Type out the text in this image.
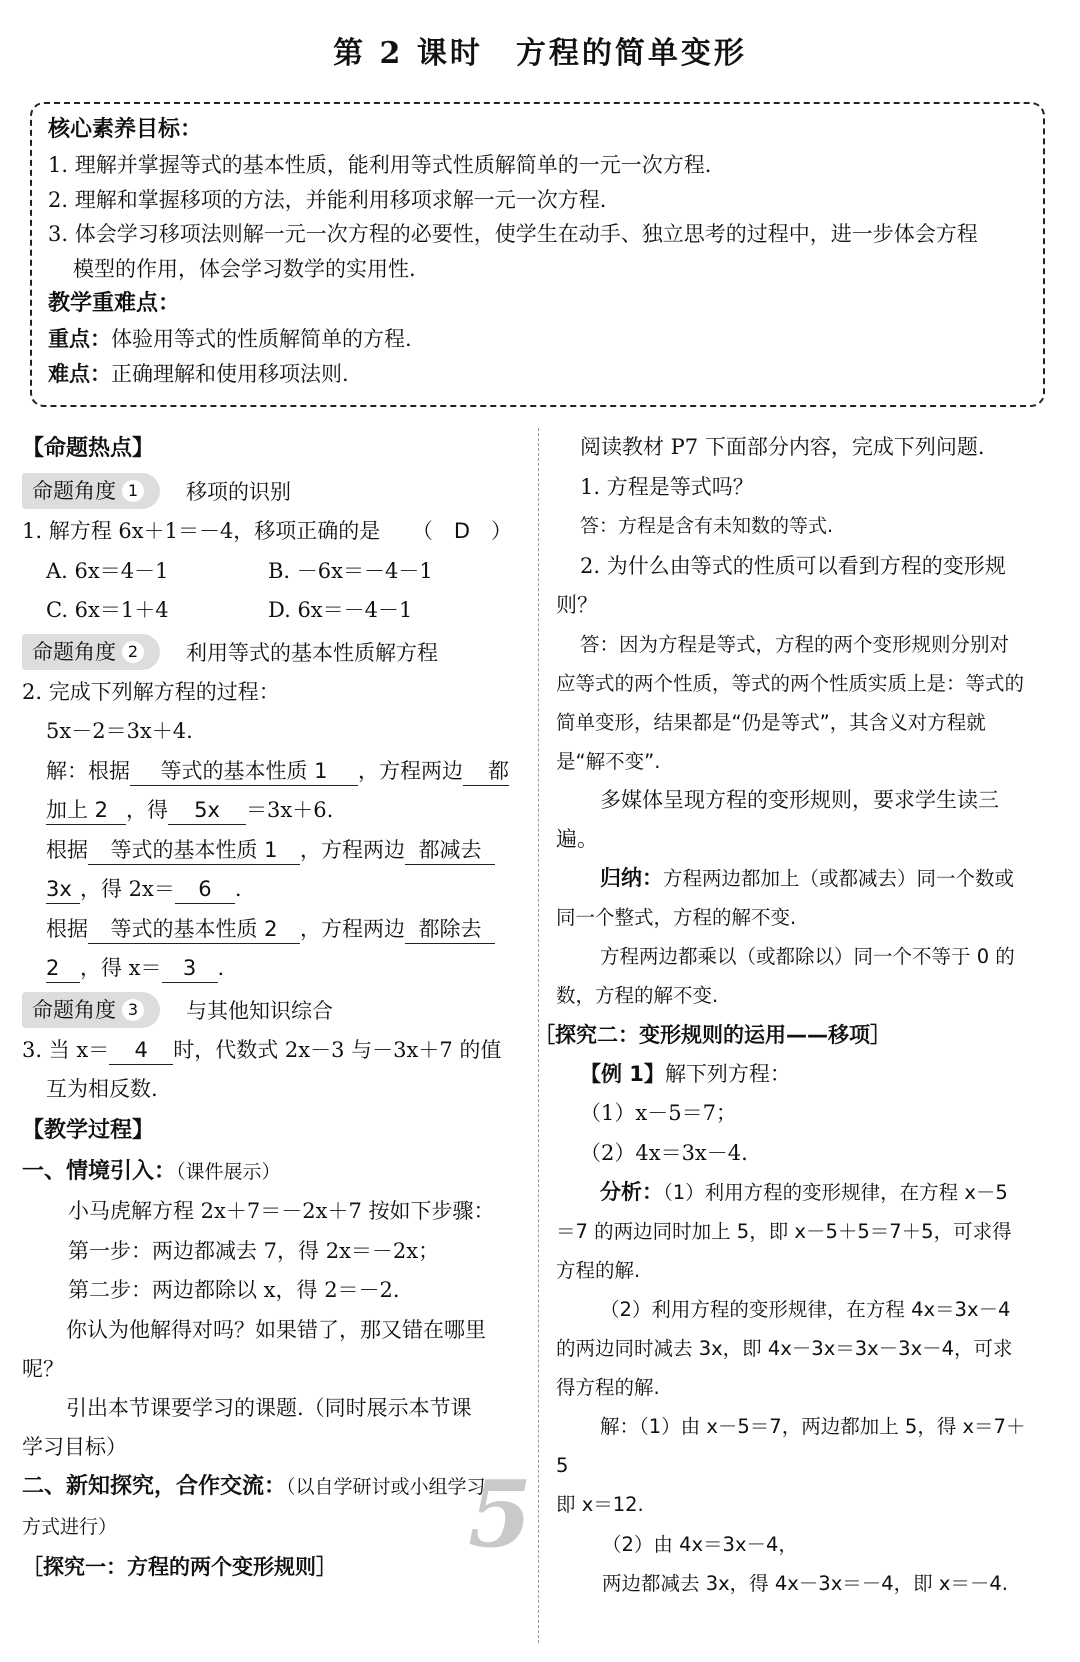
第 2 课时　方程的简单变形
核心素养目标：
1. 理解并掌握等式的基本性质，能利用等式性质解简单的一元一次方程.
2. 理解和掌握移项的方法，并能利用移项求解一元一次方程.
3. 体会学习移项法则解一元一次方程的必要性，使学生在动手、独立思考的过程中，进一步体会方程
模型的作用，体会学习数学的实用性.
教学重难点：
重点：体验用等式的性质解简单的方程.
难点：正确理解和使用移项法则.
【命题热点】
命题角度 1	移项的识别
1. 解方程 6x＋1＝－4，移项正确的是 （　D　）
A. 6x＝4－1	B. －6x＝－4－1
C. 6x＝1＋4	D. 6x＝－4－1
命题角度 2	利用等式的基本性质解方程
2. 完成下列解方程的过程：
5x－2＝3x＋4.
解：根据 等式的基本性质 1 ，方程两边 都
加上 2 ，得 5x ＝3x＋6.
根据 等式的基本性质 1 ，方程两边 都减去
3x ，得 2x＝ 6 .
根据 等式的基本性质 2 ，方程两边 都除去
2 ，得 x＝ 3 .
命题角度 3	与其他知识综合
3. 当 x＝ 4 时，代数式 2x－3 与－3x＋7 的值
互为相反数.
【教学过程】
一、情境引入：（课件展示）
小马虎解方程 2x＋7＝－2x＋7 按如下步骤：
第一步：两边都减去 7，得 2x＝－2x；
第二步：两边都除以 x，得 2＝－2.
你认为他解得对吗？如果错了，那又错在哪里呢？
引出本节课要学习的课题.（同时展示本节课学习目标）
二、新知探究，合作交流：（以自学研讨或小组学习方式进行）
［探究一：方程的两个变形规则］
阅读教材 P7 下面部分内容，完成下列问题.
1. 方程是等式吗？
答：方程是含有未知数的等式.
2. 为什么由等式的性质可以看到方程的变形规则？
答：因为方程是等式，方程的两个变形规则分别对应等式的两个性质，等式的两个性质实质上是：等式的简单变形，结果都是“仍是等式”，其含义对方程就是“解不变”.
多媒体呈现方程的变形规则，要求学生读三遍。
归纳：方程两边都加上（或都减去）同一个数或同一个整式，方程的解不变.
方程两边都乘以（或都除以）同一个不等于 0 的数，方程的解不变.
［探究二：变形规则的运用——移项］
【例 1】解下列方程：
（1）x－5＝7；
（2）4x＝3x－4.
分析：（1）利用方程的变形规律，在方程 x－5＝7 的两边同时加上 5，即 x－5＋5＝7＋5，可求得方程的解.
（2）利用方程的变形规律，在方程 4x＝3x－4 的两边同时减去 3x，即 4x－3x＝3x－3x－4，可求得方程的解.
解：（1）由 x－5＝7，两边都加上 5，得 x＝7＋5
即 x＝12.
（2）由 4x＝3x－4，
两边都减去 3x，得 4x－3x＝－4，即 x＝－4.
5
